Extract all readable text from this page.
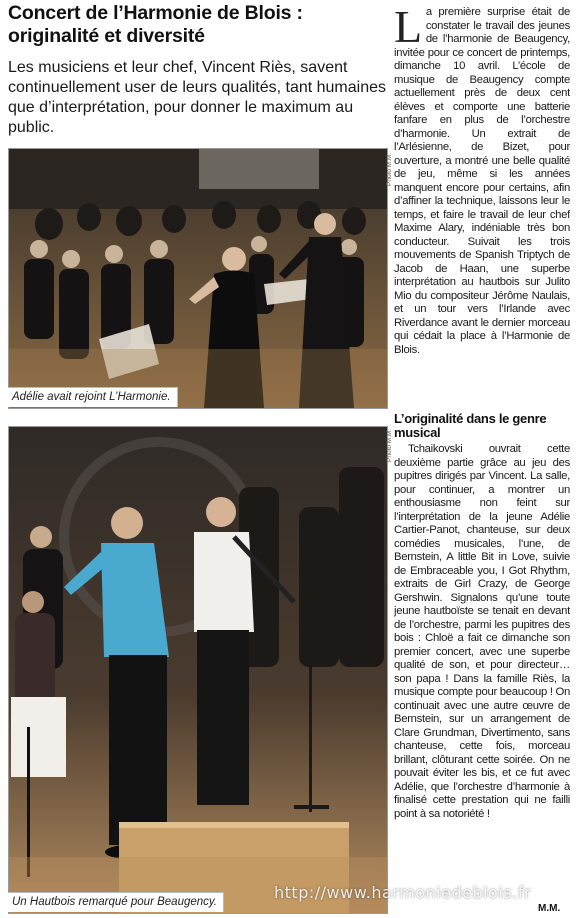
Concert de l’Harmonie de Blois :
originalité et diversité
Les musiciens et leur chef, Vincent Riès, savent continuellement user de leurs qualités, tant humaines que d’interprétation, pour donner le maximum au public.
Adélie avait rejoint L’Harmonie.
Photo M.M.
Un Hautbois remarqué pour Beaugency.
Photo M.M.
La première surprise était de constater le travail des jeunes de l’harmonie de Beaugency, invitée pour ce concert de printemps, dimanche 10 avril. L’école de musique de Beaugency compte actuellement près de deux cent élèves et comporte une batterie fanfare en plus de l’orchestre d’harmonie. Un extrait de l’Arlésienne, de Bizet, pour ouverture, a montré une belle qualité de jeu, même si les années manquent encore pour certains, afin d’affiner la technique, laissons leur le temps, et faire le travail de leur chef Maxime Alary, indéniable très bon conducteur. Suivait les trois mouvements de Spanish Triptych de Jacob de Haan, une superbe interprétation au hautbois sur Julito Mio du compositeur Jérôme Naulais, et un tour vers l’Irlande avec Riverdance avant le dernier morceau qui cédait la place à l’Harmonie de Blois.
L’originalité dans le genre musical
Tchaikovski ouvrait cette deuxième partie grâce au jeu des pupitres dirigés par Vincent. La salle, pour continuer, a montrer un enthousiasme non feint sur l’interprétation de la jeune Adélie Cartier-Panot, chanteuse, sur deux comédies musicales, l’une, de Bernstein, A little Bit in Love, suivie de Embraceable you, I Got Rhythm, extraits de Girl Crazy, de George Gershwin. Signalons qu’une toute jeune hautboïste se tenait en devant de l’orchestre, parmi les pupitres des bois : Chloë a fait ce dimanche son premier concert, avec une superbe qualité de son, et pour directeur… son papa ! Dans la famille Riès, la musique compte pour beaucoup ! On continuait avec une autre œuvre de Bernstein, sur un arrangement de Clare Grundman, Divertimento, sans chanteuse, cette fois, morceau brillant, clôturant cette soirée. On ne pouvait éviter les bis, et ce fut avec Adélie, que l’orchestre d’harmonie à finalisé cette prestation qui ne failli point à sa notoriété !
M.M.
http://www.harmoniedeblois.fr
